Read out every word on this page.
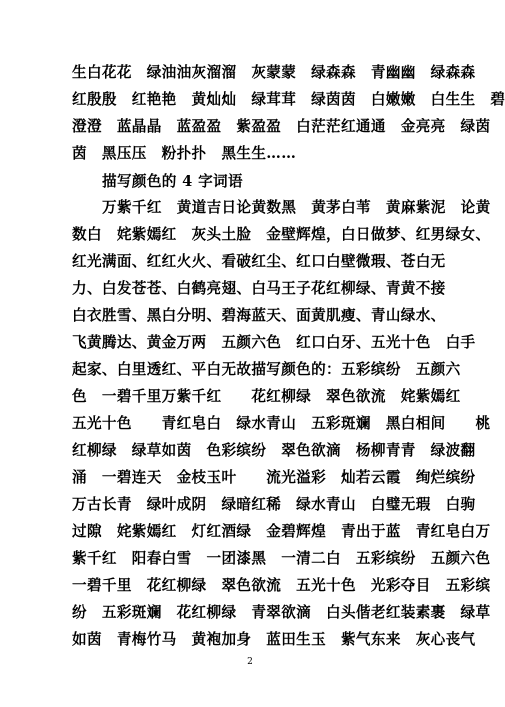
生白花花　绿油油灰溜溜　灰蒙蒙　绿森森　青幽幽　绿森森
红殷殷　红艳艳　黄灿灿　绿茸茸　绿茵茵　白嫩嫩　白生生　碧
澄澄　蓝晶晶　蓝盈盈　紫盈盈　白茫茫红通通　金亮亮　绿茵
茵　黑压压　粉扑扑　黑生生……
描写颜色的 4 字词语
万紫千红　黄道吉日论黄数黑　黄茅白苇　黄麻紫泥　论黄
数白　姹紫嫣红　灰头土脸　金壁辉煌，白日做梦、红男绿女、
红光满面、红红火火、看破红尘、红口白壁微瑕、苍白无
力、白发苍苍、白鹤亮翅、白马王子花红柳绿、青黄不接
白衣胜雪、黑白分明、碧海蓝天、面黄肌瘦、青山绿水、
飞黄腾达、黄金万两　五颜六色　红口白牙、五光十色　白手
起家、白里透红、平白无故描写颜色的：五彩缤纷　五颜六
色　一碧千里万紫千红　　花红柳绿　翠色欲流　姹紫嫣红
五光十色　　青红皂白　绿水青山　五彩斑斓　黑白相间　　桃
红柳绿　绿草如茵　色彩缤纷　翠色欲滴　杨柳青青　绿波翻
涌　一碧连天　金枝玉叶　　流光溢彩　灿若云霞　绚烂缤纷
万古长青　绿叶成阴　绿暗红稀　绿水青山　白璧无瑕　白驹
过隙　姹紫嫣红　灯红酒绿　金碧辉煌　青出于蓝　青红皂白万
紫千红　阳春白雪　一团漆黑　一清二白　五彩缤纷　五颜六色
一碧千里　花红柳绿　翠色欲流　五光十色　光彩夺目　五彩缤
纷　五彩斑斓　花红柳绿　青翠欲滴　白头偕老红装素裹　绿草
如茵　青梅竹马　黄袍加身　蓝田生玉　紫气东来　灰心丧气
2
